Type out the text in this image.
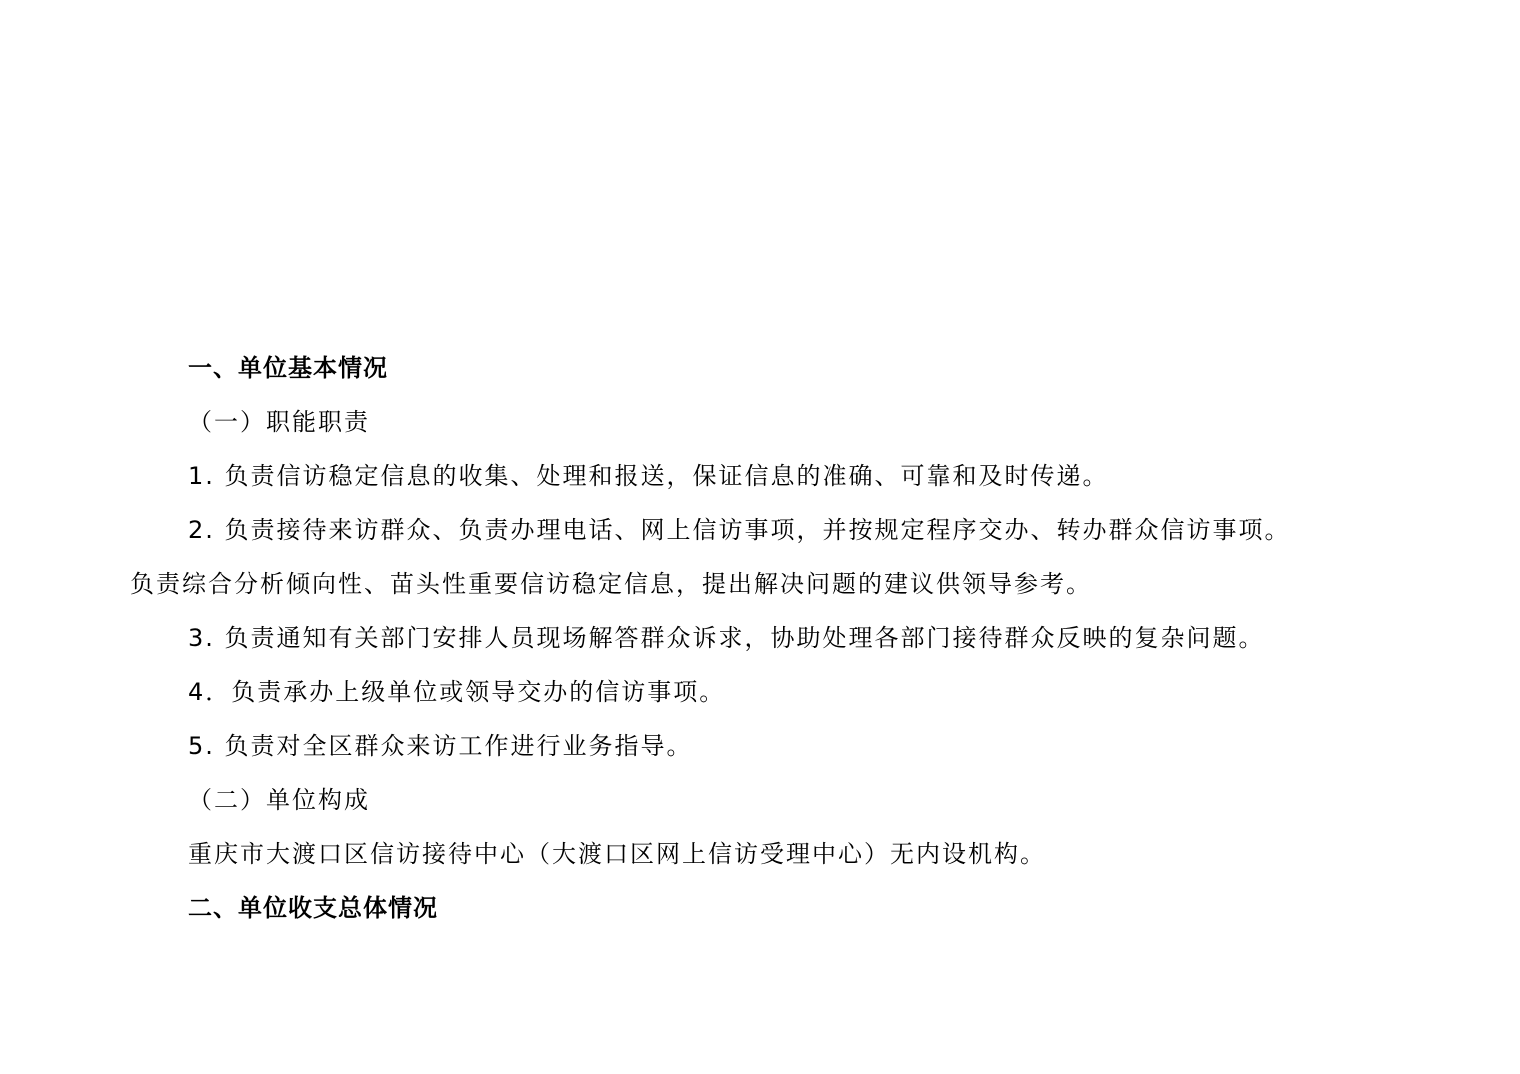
一、单位基本情况
（一）职能职责
1. 负责信访稳定信息的收集、处理和报送，保证信息的准确、可靠和及时传递。
2. 负责接待来访群众、负责办理电话、网上信访事项，并按规定程序交办、转办群众信访事项。
负责综合分析倾向性、苗头性重要信访稳定信息，提出解决问题的建议供领导参考。
3. 负责通知有关部门安排人员现场解答群众诉求，协助处理各部门接待群众反映的复杂问题。
4．负责承办上级单位或领导交办的信访事项。
5. 负责对全区群众来访工作进行业务指导。
（二）单位构成
重庆市大渡口区信访接待中心（大渡口区网上信访受理中心）无内设机构。
二、单位收支总体情况
